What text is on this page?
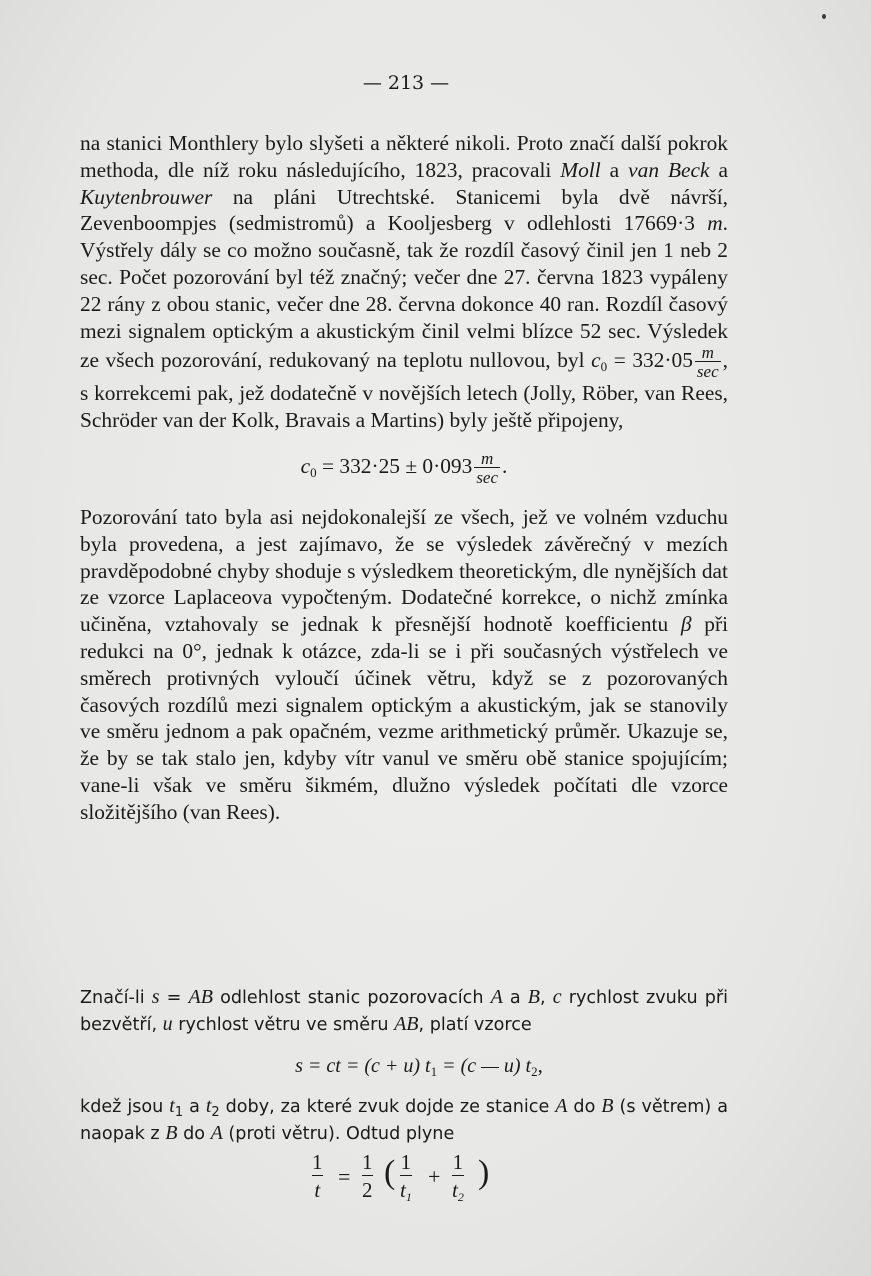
— 213 —

na stanici Monthlery bylo slyšeti a některé nikoli. Proto značí další pokrok methoda, dle níž roku následujícího, 1823, pracovali Moll a van Beck a Kuytenbrouwer na pláni Utrechtské. Stanicemi byla dvě návrší, Zevenboompjes (sedmistromů) a Kooljesberg v odlehlosti 17669·3 m. Výstřely dály se co možno současně, tak že rozdíl časový činil jen 1 neb 2 sec. Počet pozorování byl též značný; večer dne 27. června 1823 vypáleny 22 rány z obou stanic, večer dne 28. června dokonce 40 ran. Rozdíl časový mezi signalem optickým a akustickým činil velmi blízce 52 sec. Výsledek ze všech pozorování, redukovaný na teplotu nullovou, byl $c_0 = 332\cdot 05 \frac{m}{\sec}$ , s korrekcemi pak, jež dodatečně v novějších letech (Jolly, Röber, van Rees, Schröder van der Kolk, Bravais a Martins) byly ještě připojeny,

$c_0 = 332\cdot 25 \pm 0\cdot 093 \frac{m}{\sec}$ .

Pozorování tato byla asi nejdokonalejší ze všech, jež ve volném vzduchu byla provedena, a jest zajímavo, že se výsledek závěrečný v mezích pravděpodobné chyby shoduje s výsledkem theoretickým, dle nynějších dat ze vzorce Laplaceova vypočteným. Dodatečné korrekce, o nichž zmínka učiněna, vztahovaly se jednak k přesnější hodnotě koefficientu β při redukci na 0°, jednak k otázce, zda-li se i při současných výstřelech ve směrech protivných vyloučí účinek větru, když se z pozorovaných časových rozdílů mezi signalem optickým a akustickým, jak se stanovily ve směru jednom a pak opačném, vezme arithmetický průměr. Ukazuje se, že by se tak stalo jen, kdyby vítr vanul ve směru obě stanice spojujícím; vane-li však ve směru šikmém, dlužno výsledek počítati dle vzorce složitějšího (van Rees).

Značí-li s = AB odlehlost stanic pozorovacích A a B, c rychlost zvuku při bezvětří, u rychlost větru ve směru AB, platí vzorce

s = ct = (c + u) $t_1 = (c$ — u) $t_2$,

kdež jsou $t_1$ a $t_2$ doby, za které zvuk dojde ze stanice A do B (s větrem) a naopak z B do A (proti větru). Odtud plyne

1
t
=
1
2 ( 1
$t_1$
+
1
$t_2$
)
